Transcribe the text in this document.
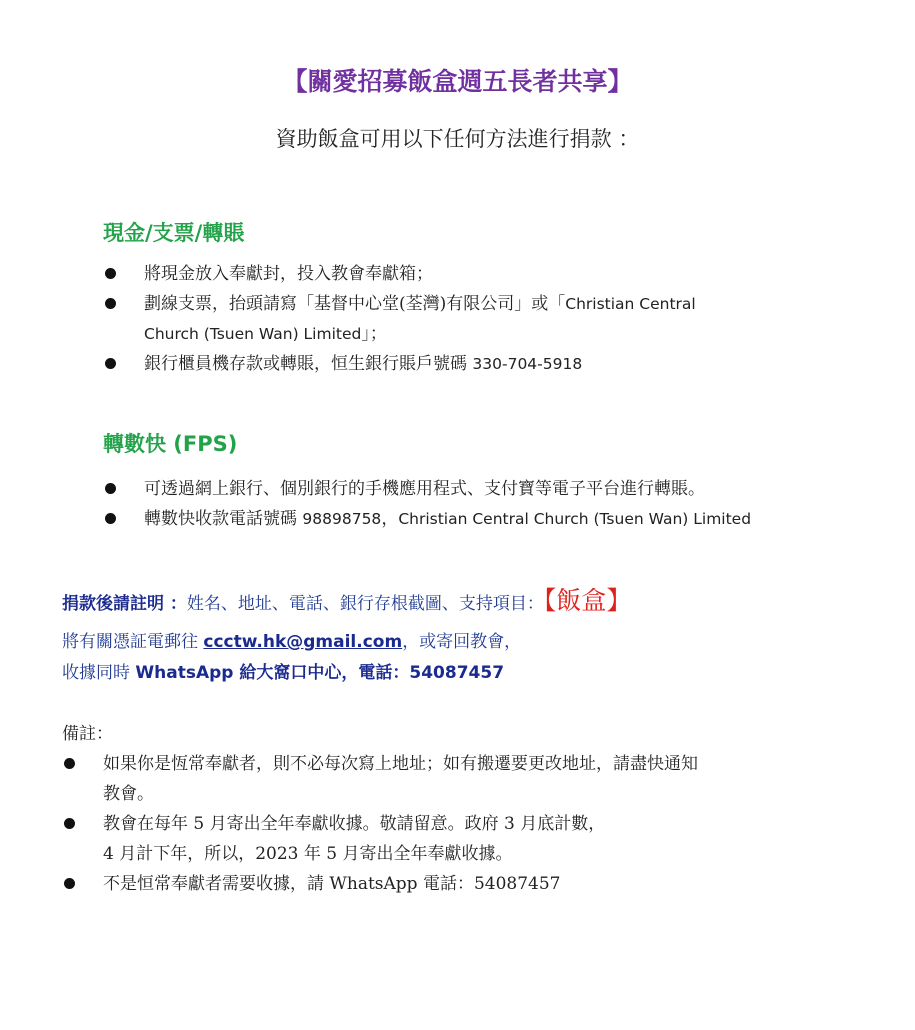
【關愛招募飯盒週五長者共享】
資助飯盒可用以下任何方法進行捐款 ：
現金/支票/轉賬
將現金放入奉獻封，投入教會奉獻箱；
劃線支票，抬頭請寫「基督中心堂(荃灣)有限公司」或「Christian Central
Church (Tsuen Wan) Limited」；
銀行櫃員機存款或轉賬，恒生銀行賬戶號碼 330-704-5918
轉數快 (FPS)
可透過網上銀行、個別銀行的手機應用程式、支付寶等電子平台進行轉賬。
轉數快收款電話號碼 98898758，Christian Central Church (Tsuen Wan) Limited
捐款後請註明 ：姓名、地址、電話、銀行存根截圖、支持項目：【飯盒】
將有關憑証電郵往 ccctw.hk@gmail.com，或寄回教會，
收據同時 WhatsApp 給大窩口中心，電話：54087457
備註：
如果你是恆常奉獻者，則不必每次寫上地址；如有搬遷要更改地址，請盡快通知
教會。
教會在每年 5 月寄出全年奉獻收據。敬請留意。政府 3 月底計數，
4 月計下年，所以，2023 年 5 月寄出全年奉獻收據。
不是恒常奉獻者需要收據，請 WhatsApp 電話：54087457
